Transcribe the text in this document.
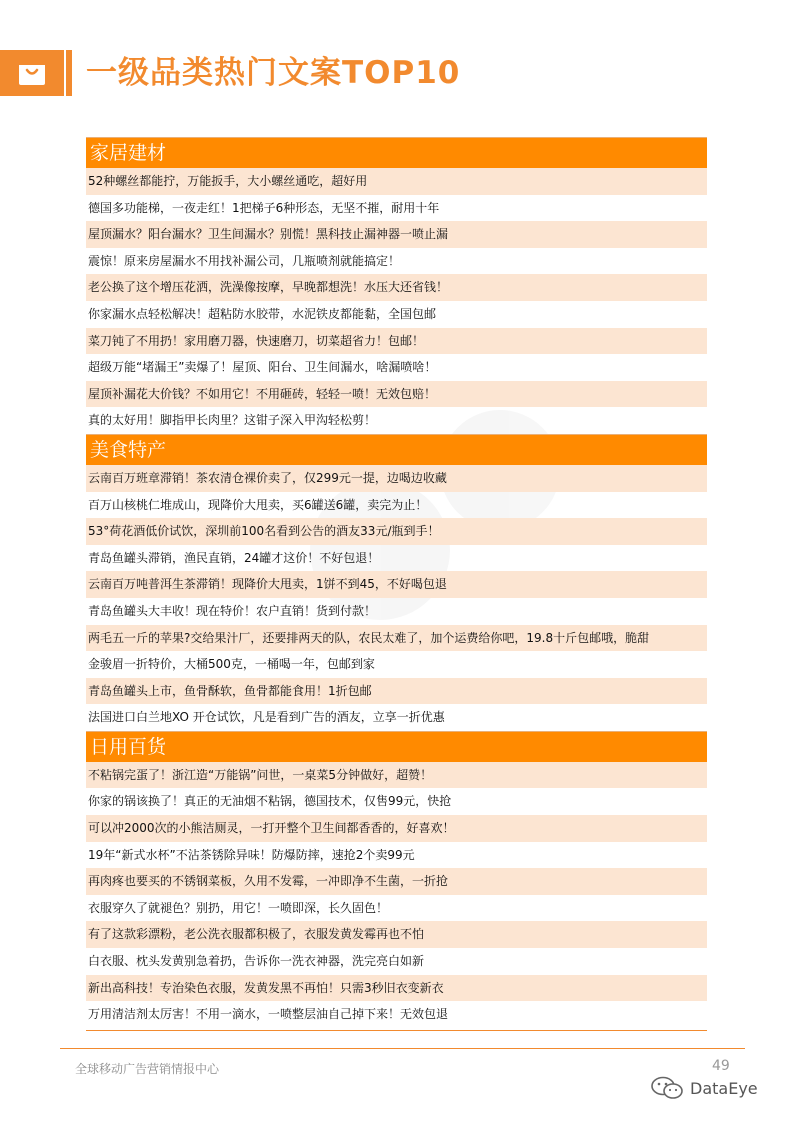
一级品类热门文案TOP10
家居建材
52种螺丝都能拧，万能扳手，大小螺丝通吃，超好用
德国多功能梯，一夜走红！1把梯子6种形态，无坚不摧，耐用十年
屋顶漏水？阳台漏水？卫生间漏水？别慌！黑科技止漏神器一喷止漏
震惊！原来房屋漏水不用找补漏公司，几瓶喷剂就能搞定！
老公换了这个增压花洒，洗澡像按摩，早晚都想洗！水压大还省钱！
你家漏水点轻松解决！超粘防水胶带，水泥铁皮都能黏，全国包邮
菜刀钝了不用扔！家用磨刀器，快速磨刀，切菜超省力！包邮！
超级万能“堵漏王”卖爆了！屋顶、阳台、卫生间漏水，啥漏喷啥！
屋顶补漏花大价钱？不如用它！不用砸砖，轻轻一喷！无效包赔！
真的太好用！脚指甲长肉里？这钳子深入甲沟轻松剪！
美食特产
云南百万班章滞销！茶农清仓裸价卖了，仅299元一提，边喝边收藏
百万山核桃仁堆成山，现降价大甩卖，买6罐送6罐，卖完为止！
53°荷花酒低价试饮，深圳前100名看到公告的酒友33元/瓶到手！
青岛鱼罐头滞销，渔民直销，24罐才这价！不好包退！
云南百万吨普洱生茶滞销！现降价大甩卖，1饼不到45，不好喝包退
青岛鱼罐头大丰收！现在特价！农户直销！货到付款！
两毛五一斤的苹果?交给果汁厂，还要排两天的队，农民太难了，加个运费给你吧，19.8十斤包邮哦，脆甜
金骏眉一折特价，大桶500克，一桶喝一年，包邮到家
青岛鱼罐头上市，鱼骨酥软，鱼骨都能食用！1折包邮
法国进口白兰地XO 开仓试饮，凡是看到广告的酒友，立享一折优惠
日用百货
不粘锅完蛋了！浙江造“万能锅”问世，一桌菜5分钟做好，超赞！
你家的锅该换了！真正的无油烟不粘锅，德国技术，仅售99元，快抢
可以冲2000次的小熊洁厕灵，一打开整个卫生间都香香的，好喜欢！
19年“新式水杯”不沾茶锈除异味！防爆防摔，速抢2个卖99元
再肉疼也要买的不锈钢菜板，久用不发霉，一冲即净不生菌，一折抢
衣服穿久了就褪色？别扔，用它！一喷即深，长久固色！
有了这款彩漂粉，老公洗衣服都积极了，衣服发黄发霉再也不怕
白衣服、枕头发黄别急着扔，告诉你一洗衣神器，洗完亮白如新
新出高科技！专治染色衣服，发黄发黑不再怕！只需3秒旧衣变新衣
万用清洁剂太厉害！不用一滴水，一喷整层油自己掉下来！无效包退
全球移动广告营销情报中心	49
DataEye
